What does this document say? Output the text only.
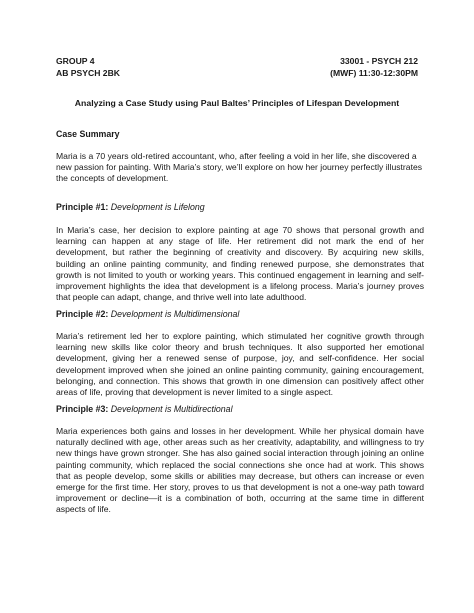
GROUP 4	33001 - PSYCH 212
AB PSYCH 2BK	(MWF) 11:30-12:30PM
Analyzing a Case Study using Paul Baltes’ Principles of Lifespan Development
Case Summary

Maria is a 70 years old-retired accountant, who, after feeling a void in her life, she discovered a new passion for painting. With Maria’s story, we’ll explore on how her journey perfectly illustrates the concepts of development.

Principle #1: Development is Lifelong

In Maria’s case, her decision to explore painting at age 70 shows that personal growth and learning can happen at any stage of life. Her retirement did not mark the end of her development, but rather the beginning of creativity and discovery. By acquiring new skills, building an online painting community, and finding renewed purpose, she demonstrates that growth is not limited to youth or working years. This continued engagement in learning and self-improvement highlights the idea that development is a lifelong process. Maria’s journey proves that people can adapt, change, and thrive well into late adulthood.

Principle #2: Development is Multidimensional

Maria’s retirement led her to explore painting, which stimulated her cognitive growth through learning new skills like color theory and brush techniques. It also supported her emotional development, giving her a renewed sense of purpose, joy, and self-confidence. Her social development improved when she joined an online painting community, gaining encouragement, belonging, and connection. This shows that growth in one dimension can positively affect other areas of life, proving that development is never limited to a single aspect.

Principle #3: Development is Multidirectional

Maria experiences both gains and losses in her development. While her physical domain have naturally declined with age, other areas such as her creativity, adaptability, and willingness to try new things have grown stronger. She has also gained social interaction through joining an online painting community, which replaced the social connections she once had at work. This shows that as people develop, some skills or abilities may decrease, but others can increase or even emerge for the first time. Her story, proves to us that development is not a one-way path toward improvement or decline—it is a combination of both, occurring at the same time in different aspects of life.
